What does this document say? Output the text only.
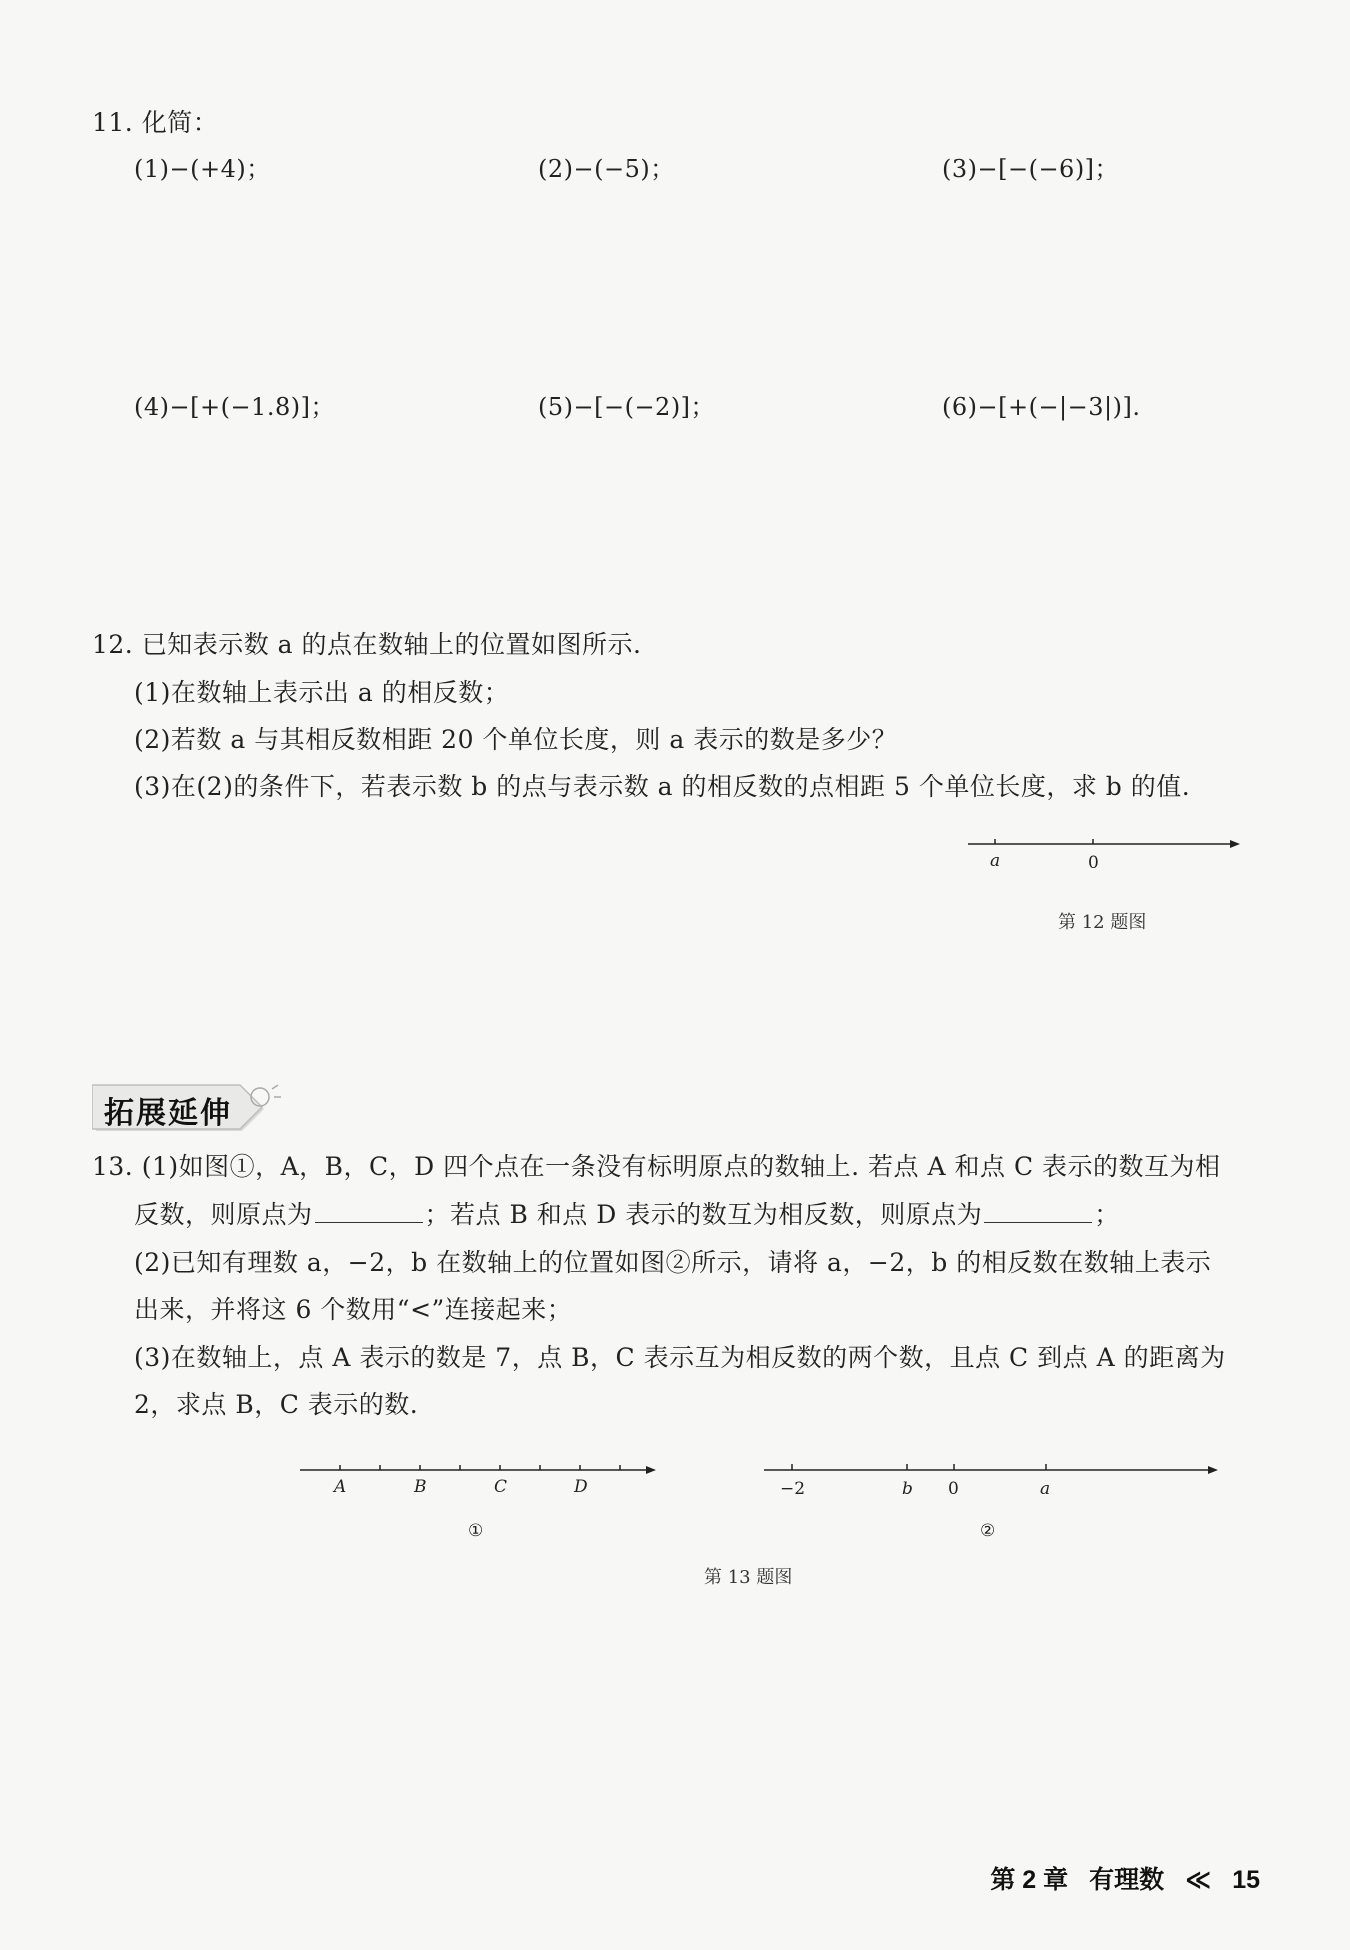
11. 化简：
(1)−(+4)；	(2)−(−5)；	(3)−[−(−6)]；
(4)−[+(−1.8)]；	(5)−[−(−2)]；	(6)−[+(−|−3|)].
12. 已知表示数 a 的点在数轴上的位置如图所示.
(1)在数轴上表示出 a 的相反数；
(2)若数 a 与其相反数相距 20 个单位长度，则 a 表示的数是多少？
(3)在(2)的条件下，若表示数 b 的点与表示数 a 的相反数的点相距 5 个单位长度，求 b 的值.
a	0
第 12 题图
拓展延伸
13. (1)如图①，A，B，C，D 四个点在一条没有标明原点的数轴上. 若点 A 和点 C 表示的数互为相
反数，则原点为	；若点 B 和点 D 表示的数互为相反数，则原点为	；
(2)已知有理数 a，−2，b 在数轴上的位置如图②所示，请将 a，−2，b 的相反数在数轴上表示
出来，并将这 6 个数用“<”连接起来；
(3)在数轴上，点 A 表示的数是 7，点 B，C 表示互为相反数的两个数，且点 C 到点 A 的距离为
2，求点 B，C 表示的数.
A	B	C	D
①
−2	b 0	a
②
第 13 题图
第 2 章 有理数 ≪ 15
